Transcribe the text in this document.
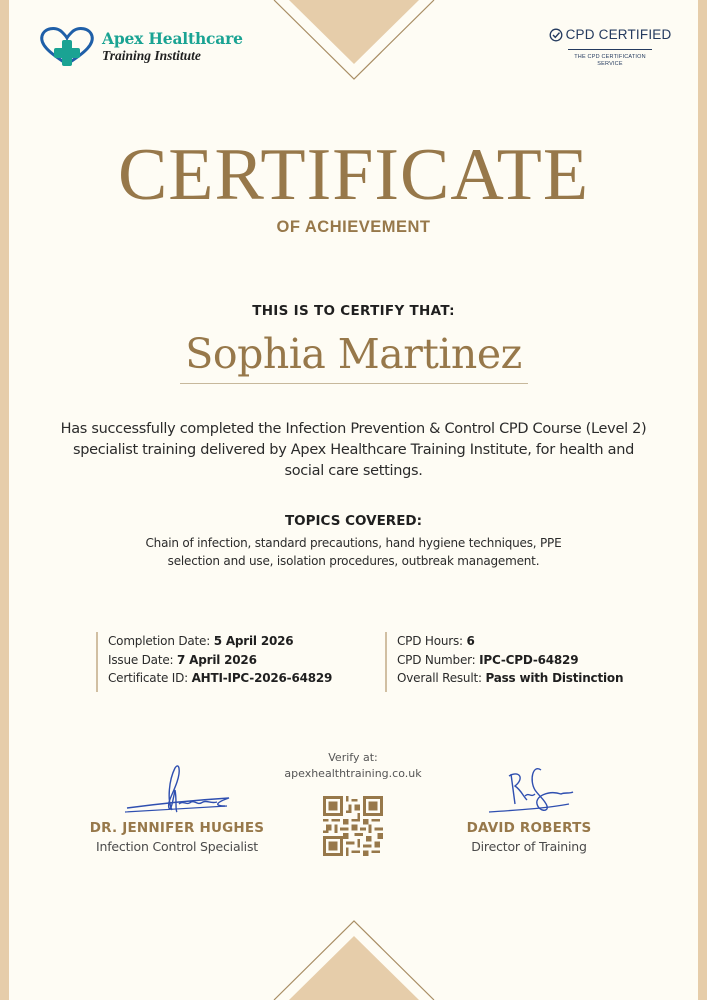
Apex Healthcare
Training Institute
CPD CERTIFIED
THE CPD CERTIFICATION
SERVICE
CERTIFICATE
OF ACHIEVEMENT
THIS IS TO CERTIFY THAT:
Sophia Martinez
Has successfully completed the Infection Prevention & Control CPD Course (Level 2) specialist training delivered by Apex Healthcare Training Institute, for health and social care settings.
TOPICS COVERED:
Chain of infection, standard precautions, hand hygiene techniques, PPE selection and use, isolation procedures, outbreak management.
Completion Date: 5 April 2026
Issue Date: 7 April 2026
Certificate ID: AHTI-IPC-2026-64829
CPD Hours: 6
CPD Number: IPC-CPD-64829
Overall Result: Pass with Distinction
DR. JENNIFER HUGHES
Infection Control Specialist
Verify at:
apexhealthtraining.co.uk
DAVID ROBERTS
Director of Training
